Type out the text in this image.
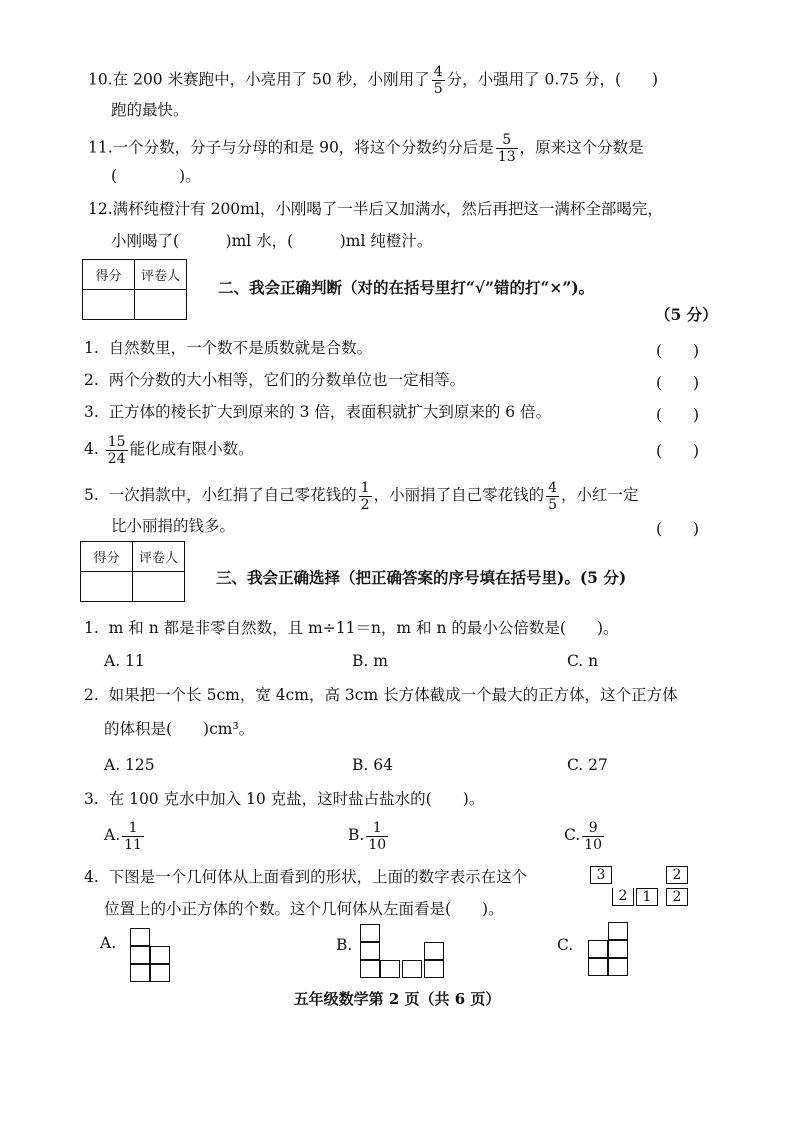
10.在 200 米赛跑中，小亮用了 50 秒，小刚用了 $\frac{4}{5}$ 分，小强用了 0.75 分，(　　)
跑的最快。
11.一个分数，分子与分母的和是 90，将这个分数约分后是 $\frac{5}{13}$ ，原来这个分数是
(　　　　)。
12.满杯纯橙汁有 200ml，小刚喝了一半后又加满水，然后再把这一满杯全部喝完，
小刚喝了(　　　)ml 水，(　　　)ml 纯橙汁。
得分	评卷人

二、我会正确判断（对的在括号里打“√”错的打“×”)。
（5 分）
1. 自然数里，一个数不是质数就是合数。	(　　)
2. 两个分数的大小相等，它们的分数单位也一定相等。	(　　)
3. 正方体的棱长扩大到原来的 3 倍，表面积就扩大到原来的 6 倍。	(　　)
4. $\frac{15}{24}$ 能化成有限小数。	(　　)
5. 一次捐款中，小红捐了自己零花钱的 $\frac{1}{2}$ ，小丽捐了自己零花钱的 $\frac{4}{5}$ ，小红一定
比小丽捐的钱多。	(　　)
得分	评卷人

三、我会正确选择（把正确答案的序号填在括号里)。(5 分)
1. m 和 n 都是非零自然数，且 m÷11＝n，m 和 n 的最小公倍数是(　　)。
A. 11	B. m	C. n
2. 如果把一个长 5cm，宽 4cm，高 3cm 长方体截成一个最大的正方体，这个正方体
的体积是(　　)cm³。
A. 125	B. 64	C. 27
3. 在 100 克水中加入 10 克盐，这时盐占盐水的(　　)。
A. $\frac{1}{11}$	B. $\frac{1}{10}$	C. $\frac{9}{10}$
4. 下图是一个几何体从上面看到的形状，上面的数字表示在这个
位置上的小正方体的个数。这个几何体从左面看是(　　)。
3	2
2	1	2
A.	B.	C.
五年级数学第 2 页（共 6 页）
